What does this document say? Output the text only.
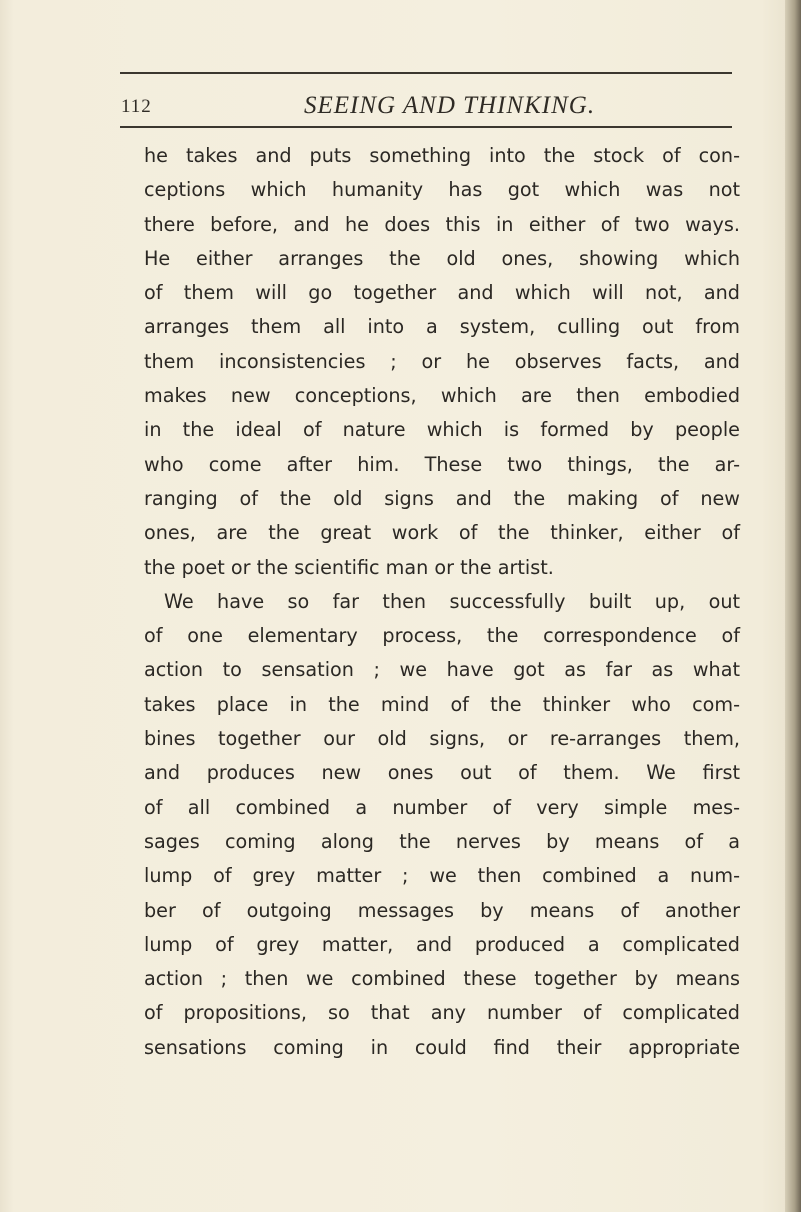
112	SEEING AND THINKING.
he takes and puts something into the stock of con-
ceptions which humanity has got which was not
there before, and he does this in either of two ways.
He either arranges the old ones, showing which
of them will go together and which will not, and
arranges them all into a system, culling out from
them inconsistencies ; or he observes facts, and
makes new conceptions, which are then embodied
in the ideal of nature which is formed by people
who come after him. These two things, the ar-
ranging of the old signs and the making of new
ones, are the great work of the thinker, either of
the poet or the scientific man or the artist.
We have so far then successfully built up, out
of one elementary process, the correspondence of
action to sensation ; we have got as far as what
takes place in the mind of the thinker who com-
bines together our old signs, or re-arranges them,
and produces new ones out of them. We first
of all combined a number of very simple mes-
sages coming along the nerves by means of a
lump of grey matter ; we then combined a num-
ber of outgoing messages by means of another
lump of grey matter, and produced a complicated
action ; then we combined these together by means
of propositions, so that any number of complicated
sensations coming in could find their appropriate
